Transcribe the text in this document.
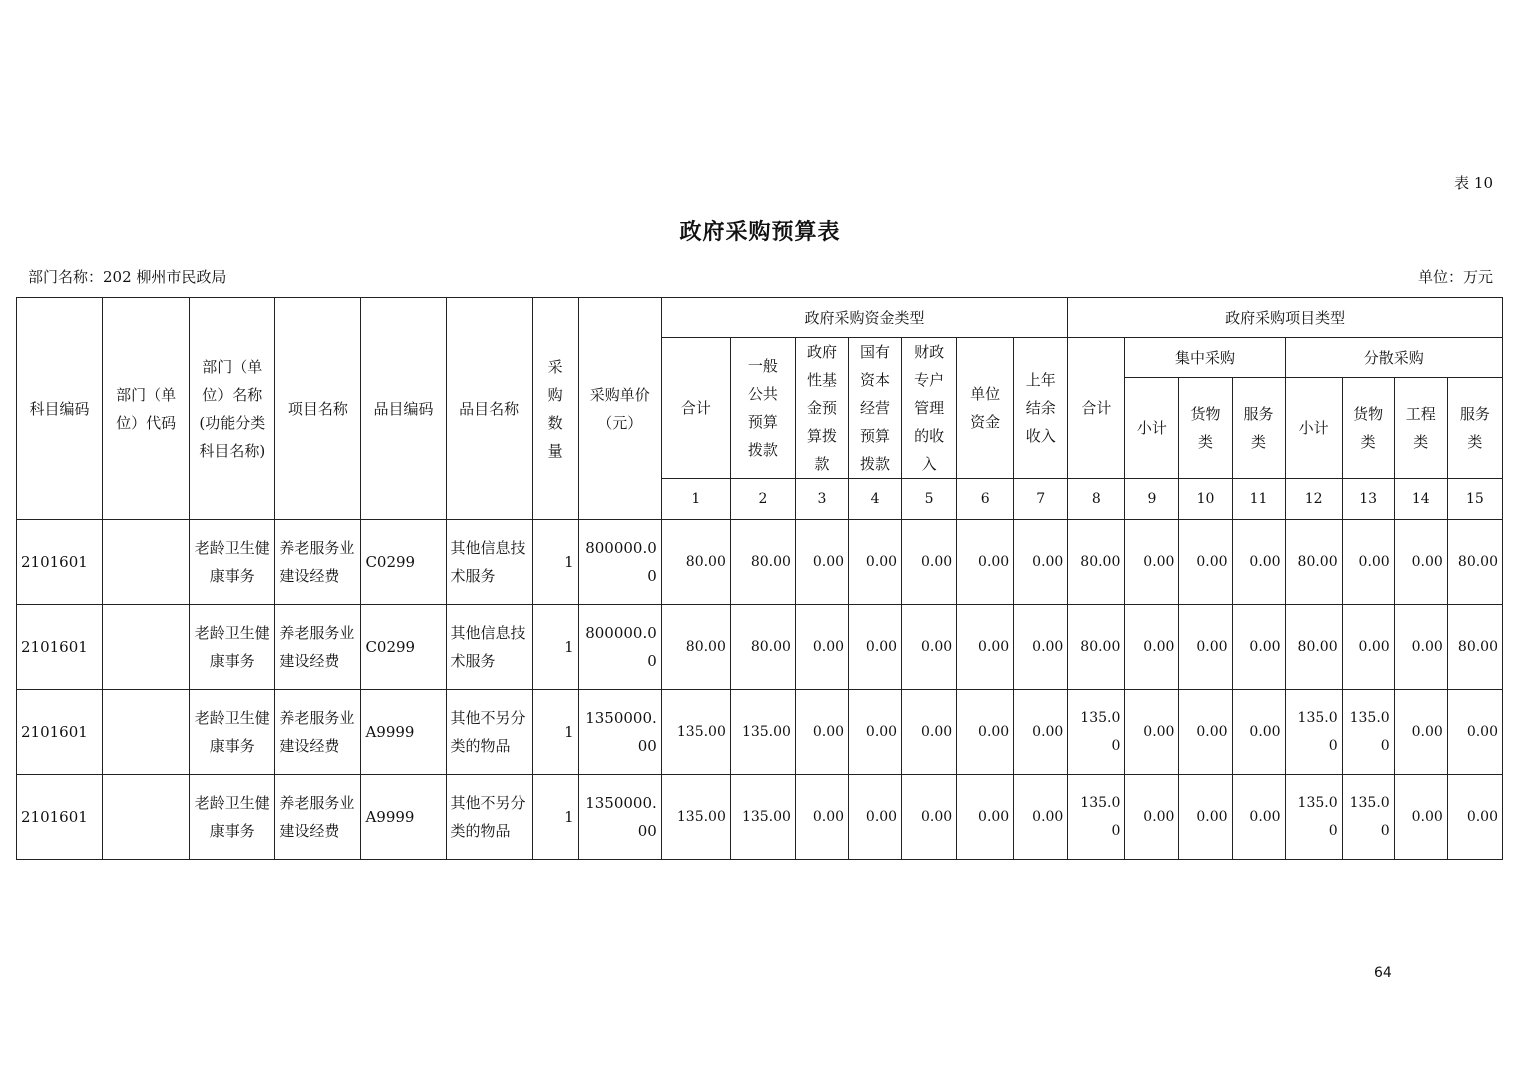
表 10
政府采购预算表
部门名称：202 柳州市民政局	单位：万元
科目编码	部门（单位）代码	部门（单位）名称(功能分类科目名称)	项目名称	品目编码	品目名称	采购数量	采购单价（元）	政府采购资金类型							政府采购项目类型							
								合计	一般公共预算拨款	政府性基金预算拨款	国有资本经营预算拨款	财政专户管理的收入	单位资金	上年结余收入	合计	集中采购			分散采购			
																小计	货物类	服务类	小计	货物类	工程类	服务类
								1	2	3	4	5	6	7	8	9	10	11	12	13	14	15
2101601		老龄卫生健康事务	养老服务业建设经费	C0299	其他信息技术服务	1	800000.00	80.00	80.00	0.00	0.00	0.00	0.00	0.00	80.00	0.00	0.00	0.00	80.00	0.00	0.00	80.00
2101601		老龄卫生健康事务	养老服务业建设经费	C0299	其他信息技术服务	1	800000.00	80.00	80.00	0.00	0.00	0.00	0.00	0.00	80.00	0.00	0.00	0.00	80.00	0.00	0.00	80.00
2101601		老龄卫生健康事务	养老服务业建设经费	A9999	其他不另分类的物品	1	1350000.00	135.00	135.00	0.00	0.00	0.00	0.00	0.00	135.00	0.00	0.00	0.00	135.00	135.00	0.00	0.00
2101601		老龄卫生健康事务	养老服务业建设经费	A9999	其他不另分类的物品	1	1350000.00	135.00	135.00	0.00	0.00	0.00	0.00	0.00	135.00	0.00	0.00	0.00	135.00	135.00	0.00	0.00
64
